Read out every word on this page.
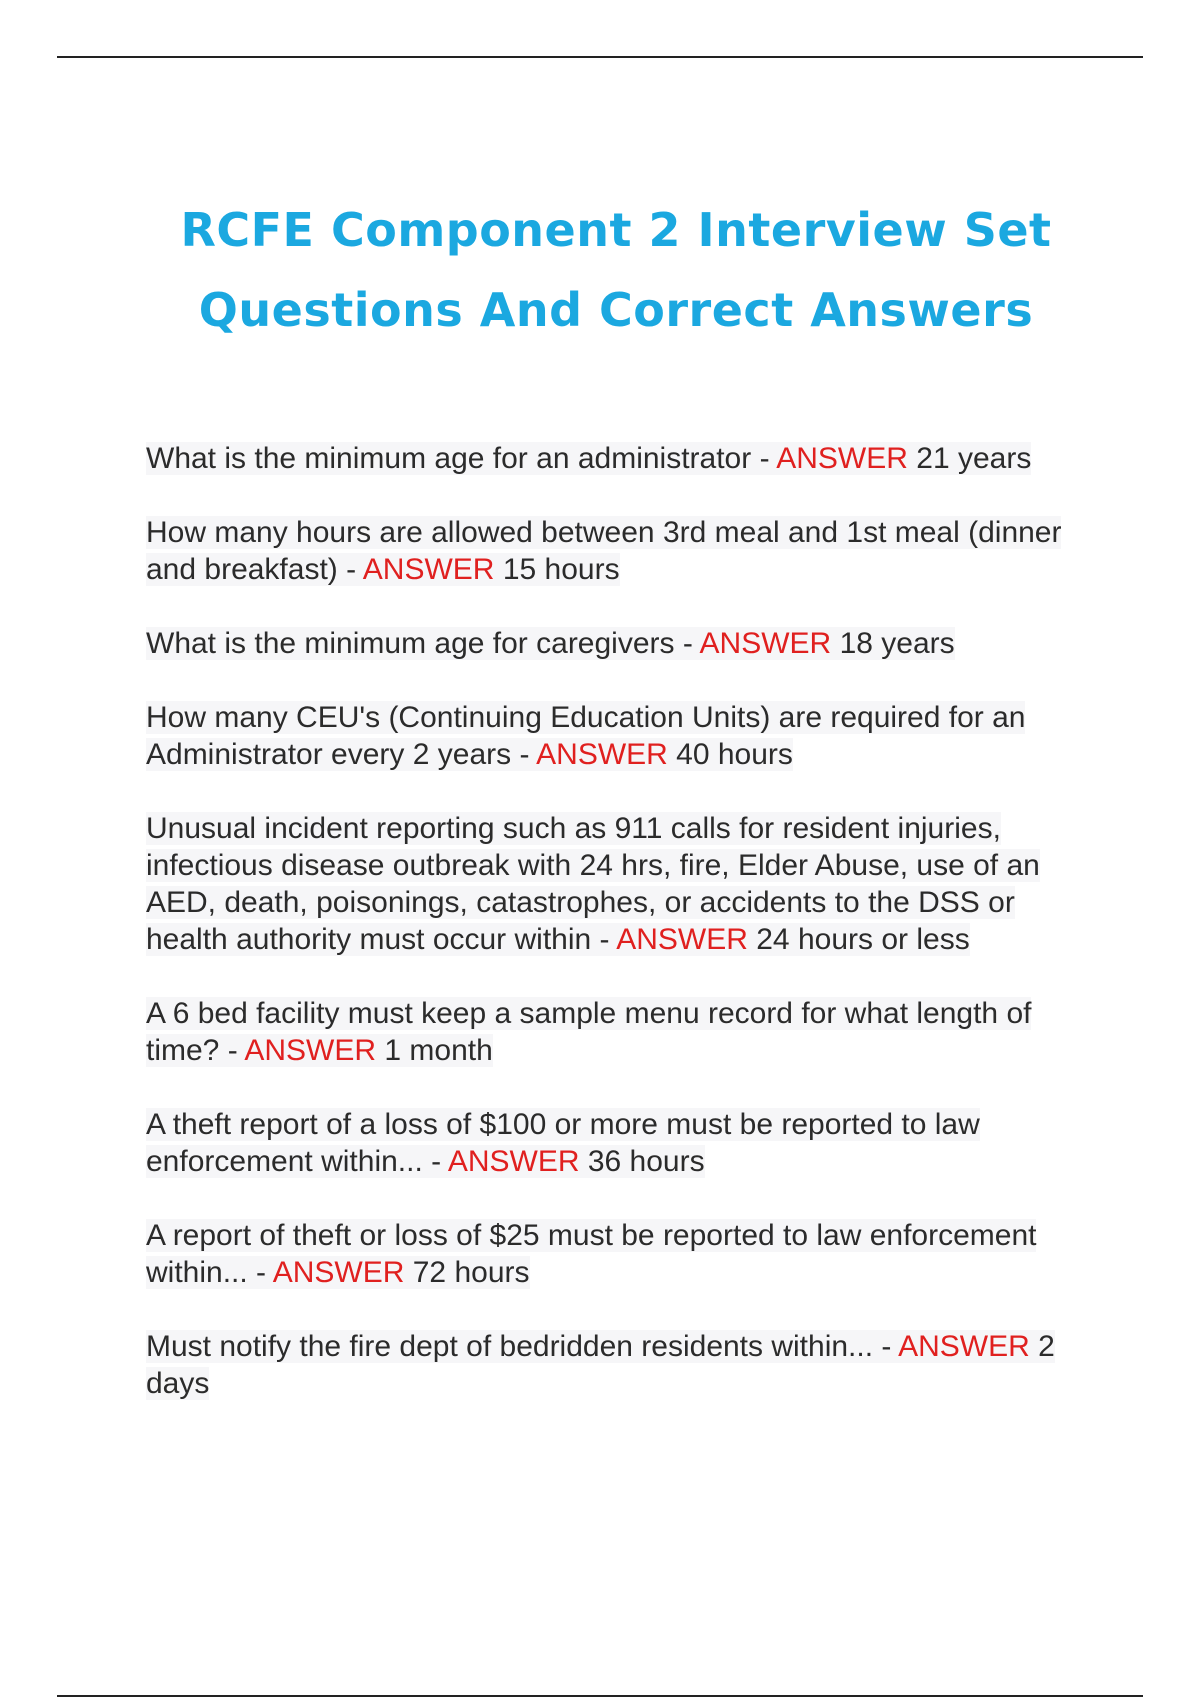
RCFE Component 2 Interview Set Questions And Correct Answers

What is the minimum age for an administrator - ANSWER 21 years

How many hours are allowed between 3rd meal and 1st meal (dinner and breakfast) - ANSWER 15 hours

What is the minimum age for caregivers - ANSWER 18 years

How many CEU's (Continuing Education Units) are required for an Administrator every 2 years - ANSWER 40 hours

Unusual incident reporting such as 911 calls for resident injuries, infectious disease outbreak with 24 hrs, fire, Elder Abuse, use of an AED, death, poisonings, catastrophes, or accidents to the DSS or health authority must occur within - ANSWER 24 hours or less

A 6 bed facility must keep a sample menu record for what length of time? - ANSWER 1 month

A theft report of a loss of $100 or more must be reported to law enforcement within... - ANSWER 36 hours

A report of theft or loss of $25 must be reported to law enforcement within... - ANSWER 72 hours

Must notify the fire dept of bedridden residents within... - ANSWER 2 days
